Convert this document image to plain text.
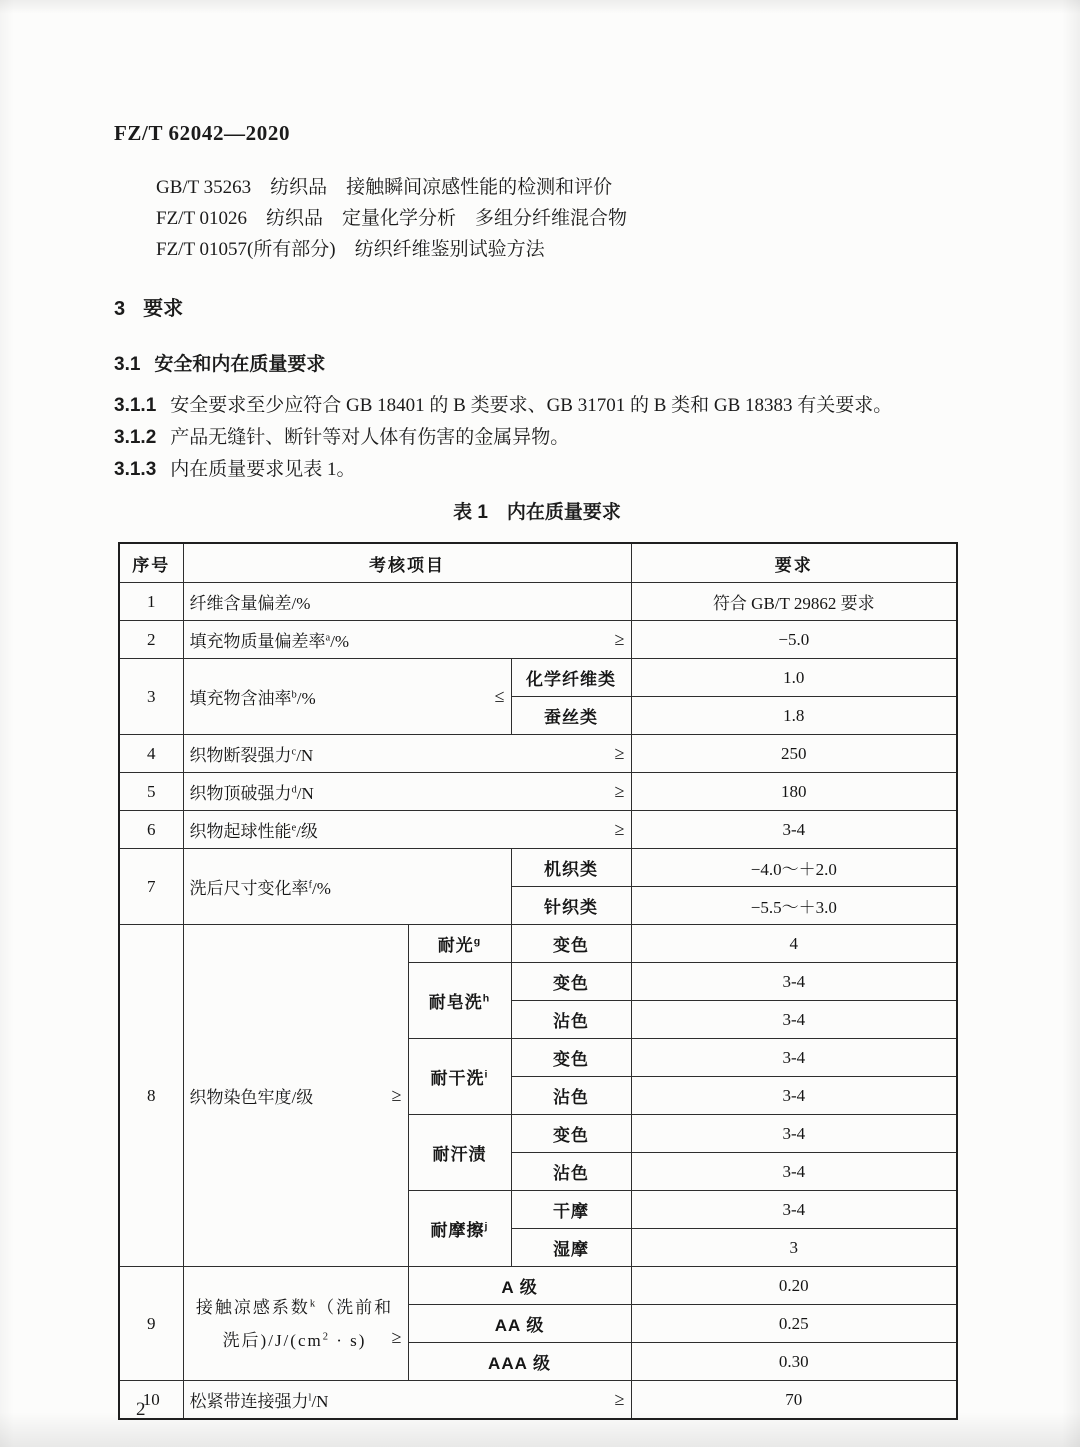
FZ/T 62042—2020
GB/T 35263　纺织品　接触瞬间凉感性能的检测和评价
FZ/T 01026　纺织品　定量化学分析　多组分纤维混合物
FZ/T 01057(所有部分)　纺织纤维鉴别试验方法
3 要求
3.1 安全和内在质量要求
3.1.1 安全要求至少应符合 GB 18401 的 B 类要求、GB 31701 的 B 类和 GB 18383 有关要求。
3.1.2 产品无缝针、断针等对人体有伤害的金属异物。
3.1.3 内在质量要求见表 1。
表 1　内在质量要求
序号	考核项目			要求
1	纤维含量偏差/%			符合 GB/T 29862 要求
2	填充物质量偏差率$^a$/% ≥			−5.0
3	填充物含油率$^b$/% ≤		化学纤维类	1.0
			蚕丝类	1.8
4	织物断裂强力$^c$/N ≥			250
5	织物顶破强力$^d$/N ≥			180
6	织物起球性能$^e$/级 ≥			3-4
7	洗后尺寸变化率$^f$/%		机织类	−4.0～＋2.0
			针织类	−5.5～＋3.0
8	织物染色牢度/级 ≥	耐光$^g$	变色	4
		耐皂洗$^h$	变色	3-4
			沾色	3-4
		耐干洗$^i$	变色	3-4
			沾色	3-4
		耐汗渍	变色	3-4
			沾色	3-4
		耐摩擦$^j$	干摩	3-4
			湿摩	3
9	接触凉感系数$^k$（洗前和洗后)$/J/(cm^2 \cdot s)$ ≥	A 级		0.20
		AA 级		0.25
		AAA 级		0.30
10	松紧带连接强力$^l$/N ≥			70
2
